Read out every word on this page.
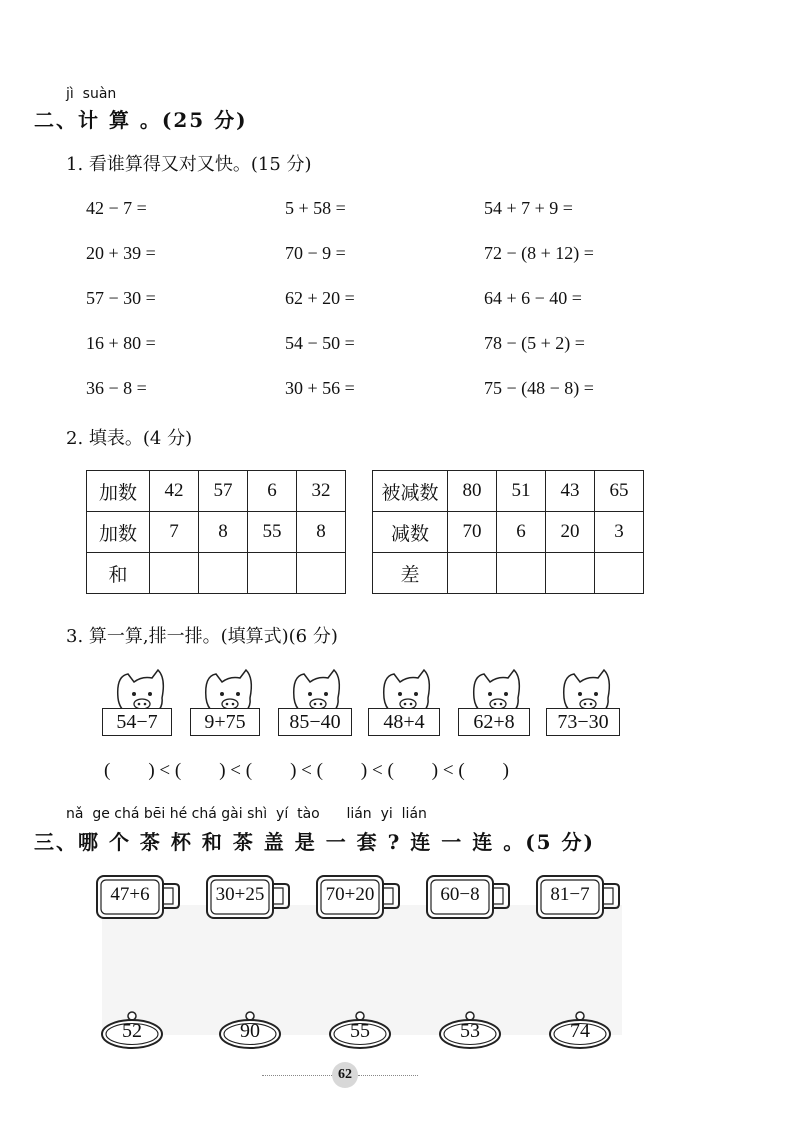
jì  suàn
二、计 算 。(25 分)
1. 看谁算得又对又快。(15 分)
42 − 7 =
20 + 39 =
57 − 30 =
16 + 80 =
36 − 8 =
5 + 58 =
70 − 9 =
62 + 20 =
54 − 50 =
30 + 56 =
54 + 7 + 9 =
72 − (8 + 12) =
64 + 6 − 40 =
78 − (5 + 2) =
75 − (48 − 8) =
2. 填表。(4 分)
加数	42	57	6	32
加数	7	8	55	8
和				
被减数	80	51	43	65
减数	70	6	20	3
差				
3. 算一算,排一排。(填算式)(6 分)
54−7	9+75	85−40	48+4	62+8	73−30
(        ) < (        ) < (        ) < (        ) < (        ) < (        )
nǎ  ge chá bēi hé chá gài shì  yí  tào      lián  yi  lián
三、哪 个 茶 杯 和 茶 盖 是 一 套 ? 连 一 连 。(5 分)
47+6	30+25	70+20	60−8	81−7
52	90	55	53	74
62
